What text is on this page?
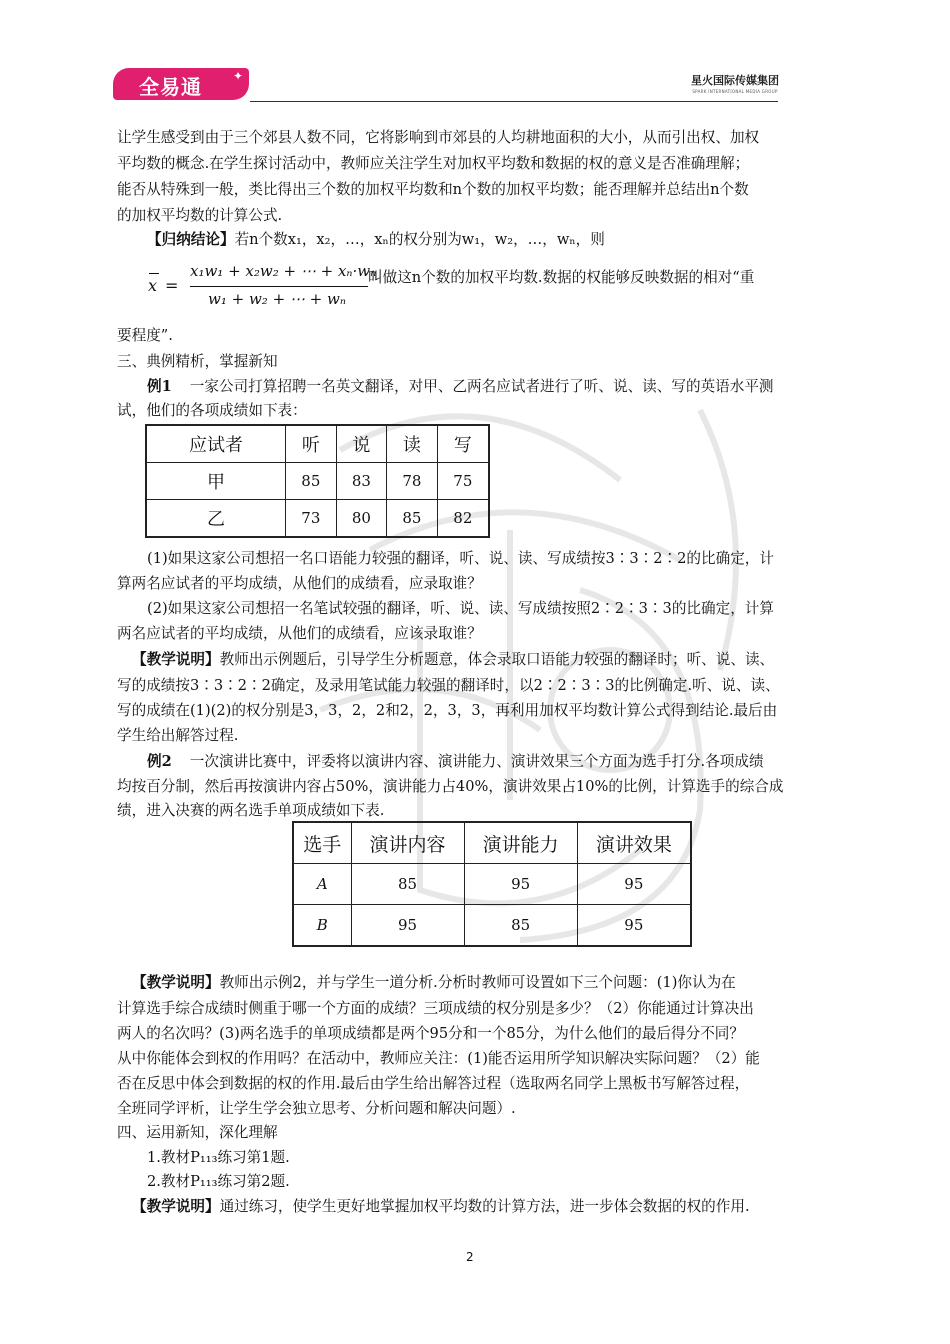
全易通	✦	星火国际传媒集团
SPARK INTERNATIONAL MEDIA GROUP
让学生感受到由于三个郊县人数不同，它将影响到市郊县的人均耕地面积的大小，从而引出权、加权
平均数的概念.在学生探讨活动中，教师应关注学生对加权平均数和数据的权的意义是否准确理解；
能否从特殊到一般，类比得出三个数的加权平均数和n个数的加权平均数；能否理解并总结出n个数
的加权平均数的计算公式.
【归纳结论】若n个数x₁，x₂，…，xₙ的权分别为w₁，w₂，…，wₙ，则
x =
x₁w₁ + x₂w₂ + ⋯ + xₙ·wₙ
w₁ + w₂ + ⋯ + wₙ
叫做这n个数的加权平均数.数据的权能够反映数据的相对“重
要程度”.
三、典例精析，掌握新知
例1 一家公司打算招聘一名英文翻译，对甲、乙两名应试者进行了听、说、读、写的英语水平测
试，他们的各项成绩如下表：
应试者	听	说	读	写
甲	85	83	78	75
乙	73	80	85	82
(1)如果这家公司想招一名口语能力较强的翻译，听、说、读、写成绩按3∶3∶2∶2的比确定，计
算两名应试者的平均成绩，从他们的成绩看，应录取谁？
(2)如果这家公司想招一名笔试较强的翻译，听、说、读、写成绩按照2∶2∶3∶3的比确定，计算
两名应试者的平均成绩，从他们的成绩看，应该录取谁？
【教学说明】教师出示例题后，引导学生分析题意，体会录取口语能力较强的翻译时；听、说、读、
写的成绩按3∶3∶2∶2确定，及录用笔试能力较强的翻译时，以2∶2∶3∶3的比例确定.听、说、读、
写的成绩在(1)(2)的权分别是3，3，2，2和2，2，3，3，再利用加权平均数计算公式得到结论.最后由
学生给出解答过程.
例2 一次演讲比赛中，评委将以演讲内容、演讲能力、演讲效果三个方面为选手打分.各项成绩
均按百分制，然后再按演讲内容占50%，演讲能力占40%，演讲效果占10%的比例，计算选手的综合成
绩，进入决赛的两名选手单项成绩如下表.
选手	演讲内容	演讲能力	演讲效果
A	85	95	95
B	95	85	95
【教学说明】教师出示例2，并与学生一道分析.分析时教师可设置如下三个问题：(1)你认为在
计算选手综合成绩时侧重于哪一个方面的成绩？三项成绩的权分别是多少？（2）你能通过计算决出
两人的名次吗？(3)两名选手的单项成绩都是两个95分和一个85分，为什么他们的最后得分不同？
从中你能体会到权的作用吗？在活动中，教师应关注：(1)能否运用所学知识解决实际问题？（2）能
否在反思中体会到数据的权的作用.最后由学生给出解答过程（选取两名同学上黑板书写解答过程，
全班同学评析，让学生学会独立思考、分析问题和解决问题）.
四、运用新知，深化理解
1.教材P₁₁₃练习第1题.
2.教材P₁₁₃练习第2题.
【教学说明】通过练习，使学生更好地掌握加权平均数的计算方法，进一步体会数据的权的作用.
2
